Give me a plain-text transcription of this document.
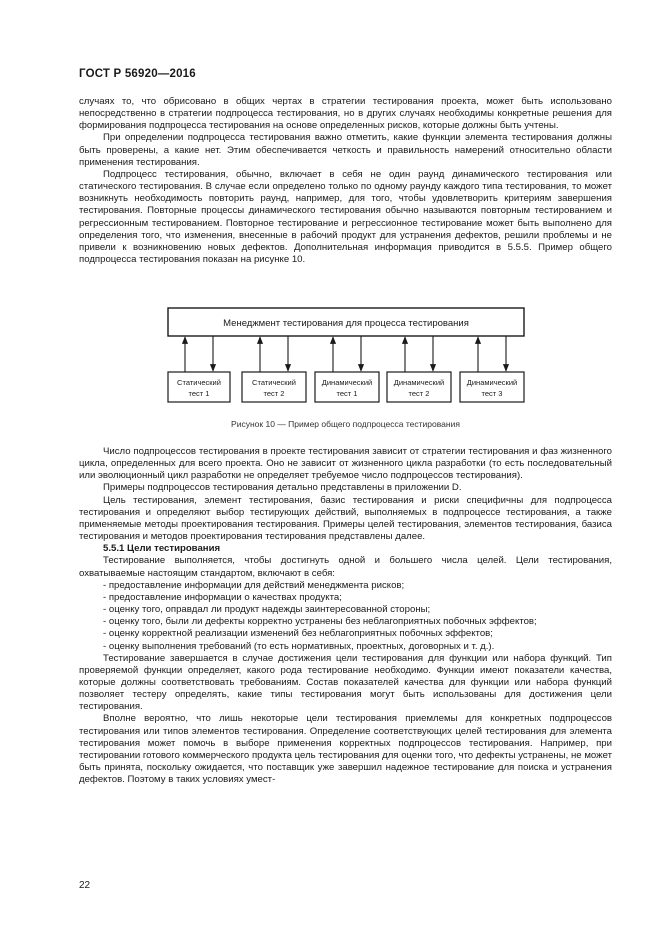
ГОСТ Р 56920—2016

случаях то, что обрисовано в общих чертах в стратегии тестирования проекта, может быть использовано непосредственно в стратегии подпроцесса тестирования, но в других случаях необходимы конкретные решения для формирования подпроцесса тестирования на основе определенных рисков, которые должны быть учтены.

При определении подпроцесса тестирования важно отметить, какие функции элемента тестирования должны быть проверены, а какие нет. Этим обеспечивается четкость и правильность намерений относительно области применения тестирования.

Подпроцесс тестирования, обычно, включает в себя не один раунд динамического тестирования или статического тестирования. В случае если определено только по одному раунду каждого типа тестирования, то может возникнуть необходимость повторить раунд, например, для того, чтобы удовлетворить критериям завершения тестирования. Повторные процессы динамического тестирования обычно называются повторным тестированием и регрессионным тестированием. Повторное тестирование и регрессионное тестирование может быть выполнено для определения того, что изменения, внесенные в рабочий продукт для устранения дефектов, решили проблемы и не привели к возникновению новых дефектов. Дополнительная информация приводится в 5.5.5. Пример общего подпроцесса тестирования показан на рисунке 10.

Менеджмент тестирования для процесса тестирования
Статический
тест 1
Статический
тест 2
Динамический
тест 1
Динамический
тест 2
Динамический
тест 3
Рисунок 10 — Пример общего подпроцесса тестирования

Число подпроцессов тестирования в проекте тестирования зависит от стратегии тестирования и фаз жизненного цикла, определенных для всего проекта. Оно не зависит от жизненного цикла разработки (то есть последовательный или эволюционный цикл разработки не определяет требуемое число подпроцессов тестирования).

Примеры подпроцессов тестирования детально представлены в приложении D.

Цель тестирования, элемент тестирования, базис тестирования и риски специфичны для подпроцесса тестирования и определяют выбор тестирующих действий, выполняемых в подпроцессе тестирования, а также применяемые методы проектирования тестирования. Примеры целей тестирования, элементов тестирования, базиса тестирования и методов проектирования тестирования представлены далее.

5.5.1 Цели тестирования

Тестирование выполняется, чтобы достигнуть одной и большего числа целей. Цели тестирования, охватываемые настоящим стандартом, включают в себя:

- предоставление информации для действий менеджмента рисков;
- предоставление информации о качествах продукта;
- оценку того, оправдал ли продукт надежды заинтересованной стороны;
- оценку того, были ли дефекты корректно устранены без неблагоприятных побочных эффектов;
- оценку корректной реализации изменений без неблагоприятных побочных эффектов;
- оценку выполнения требований (то есть нормативных, проектных, договорных и т. д.).

Тестирование завершается в случае достижения цели тестирования для функции или набора функций. Тип проверяемой функции определяет, какого рода тестирование необходимо. Функции имеют показатели качества, которые должны соответствовать требованиям. Состав показателей качества для функции или набора функций позволяет тестеру определять, какие типы тестирования могут быть использованы для достижения цели тестирования.

Вполне вероятно, что лишь некоторые цели тестирования приемлемы для конкретных подпроцессов тестирования или типов элементов тестирования. Определение соответствующих целей тестирования для элемента тестирования может помочь в выборе применения корректных подпроцессов тестирования. Например, при тестировании готового коммерческого продукта цель тестирования для оценки того, что дефекты устранены, не может быть принята, поскольку ожидается, что поставщик уже завершил надежное тестирование для поиска и устранения дефектов. Поэтому в таких условиях умест-

22
